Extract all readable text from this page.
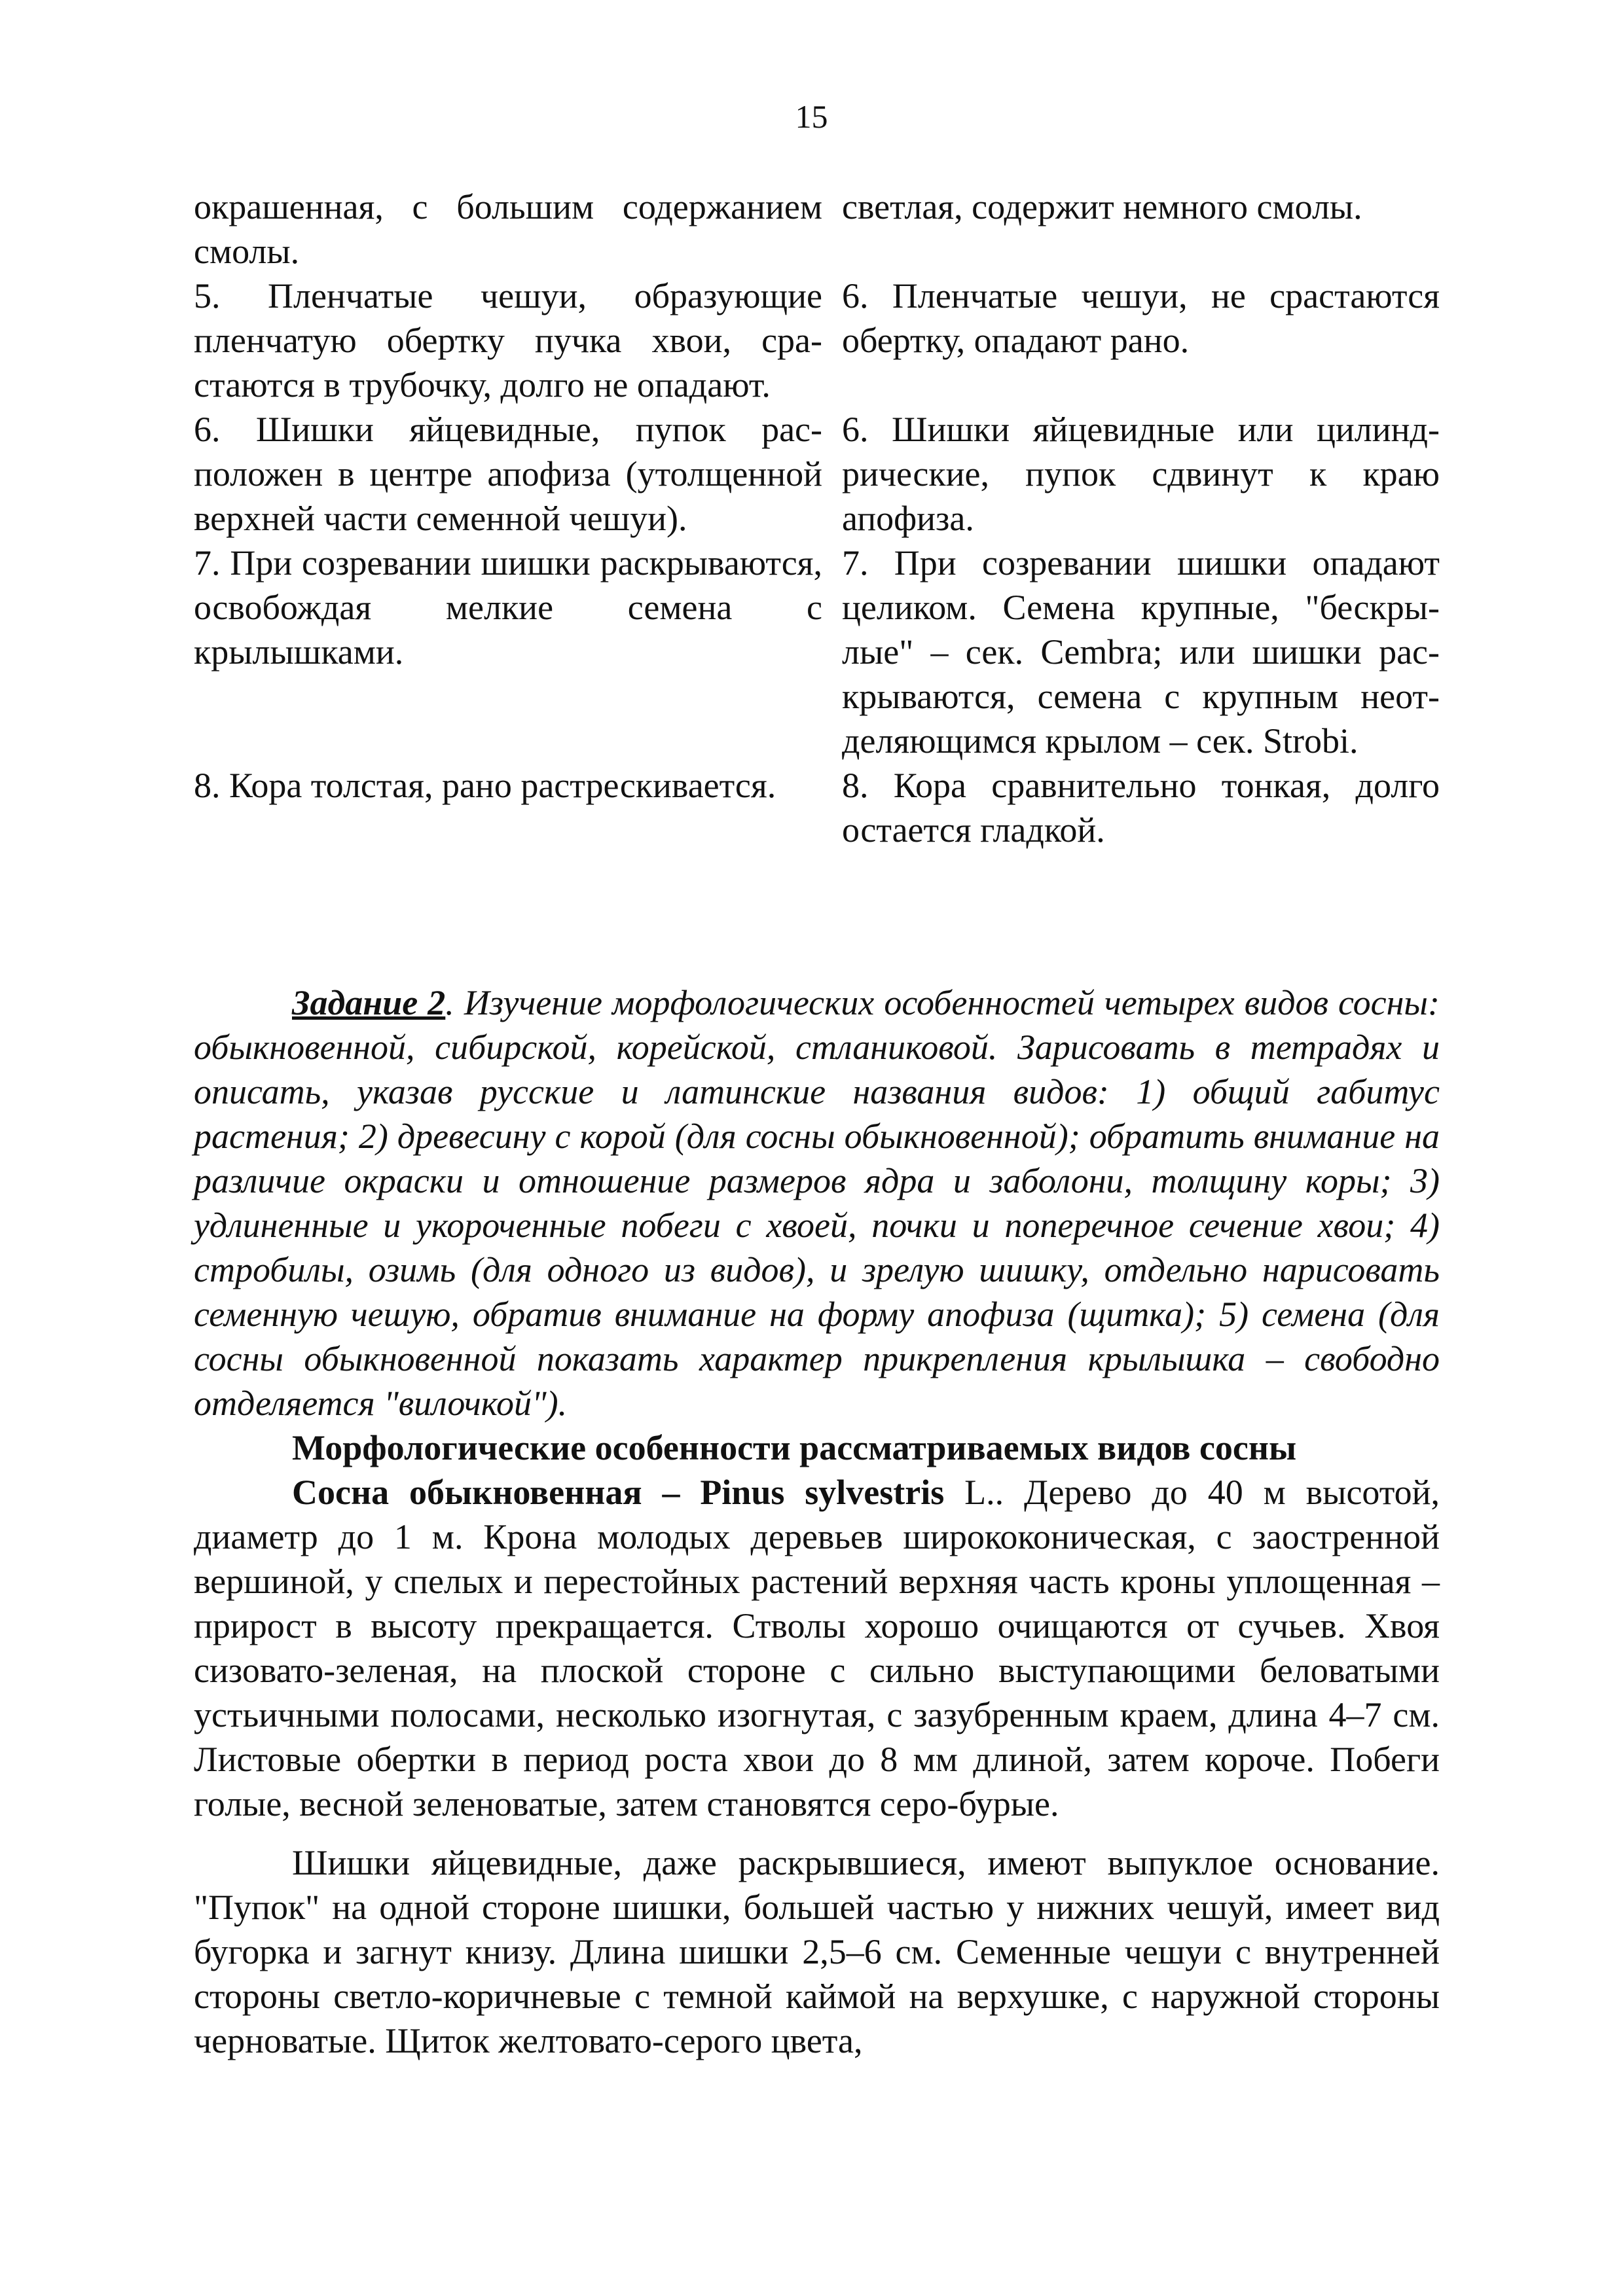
15
окрашенная, с большим содержанием смолы.	светлая, содержит немного смолы.
5. Пленчатые чешуи, образующие пленчатую обертку пучка хвои, срастаются в трубочку, долго не опадают.	6. Пленчатые чешуи, не срастаются обертку, опадают рано.
6. Шишки яйцевидные, пупок расположен в центре апофиза (утолщенной верхней части семенной чешуи).	6. Шишки яйцевидные или цилиндрические, пупок сдвинут к краю апофиза.
7. При созревании шишки раскрываются, освобождая мелкие семена с крылышками.	7. При созревании шишки опадают целиком. Семена крупные, "бескрылые" – сек. Cembra; или шишки раскрываются, семена с крупным неотделяющимся крылом – сек. Strobi.
8. Кора толстая, рано растрескивается.	8. Кора сравнительно тонкая, долго остается гладкой.

Задание 2. Изучение морфологических особенностей четырех видов сосны: обыкновенной, сибирской, корейской, стланиковой. Зарисовать в тетрадях и описать, указав русские и латинские названия видов: 1) общий габитус растения; 2) древесину с корой (для сосны обыкновенной); обратить внимание на различие окраски и отношение размеров ядра и заболони, толщину коры; 3) удлиненные и укороченные побеги с хвоей, почки и поперечное сечение хвои; 4) стробилы, озимь (для одного из видов), и зрелую шишку, отдельно нарисовать семенную чешую, обратив внимание на форму апофиза (щитка); 5) семена (для сосны обыкновенной показать характер прикрепления крылышка – свободно отделяется "вилочкой").

Морфологические особенности рассматриваемых видов сосны

Сосна обыкновенная – Pinus sylvestris L.. Дерево до 40 м высотой, диаметр до 1 м. Крона молодых деревьев ширококоническая, с заостренной вершиной, у спелых и перестойных растений верхняя часть кроны уплощенная – прирост в высоту прекращается. Стволы хорошо очищаются от сучьев. Хвоя сизовато-зеленая, на плоской стороне с сильно выступающими беловатыми устьичными полосами, несколько изогнутая, с зазубренным краем, длина 4–7 см. Листовые обертки в период роста хвои до 8 мм длиной, затем короче. Побеги голые, весной зеленоватые, затем становятся серо-бурые.

Шишки яйцевидные, даже раскрывшиеся, имеют выпуклое основание. "Пупок" на одной стороне шишки, большей частью у нижних чешуй, имеет вид бугорка и загнут книзу. Длина шишки 2,5–6 см. Семенные чешуи с внутренней стороны светло-коричневые с темной каймой на верхушке, с наружной стороны черноватые. Щиток желтовато-серого цвета,
